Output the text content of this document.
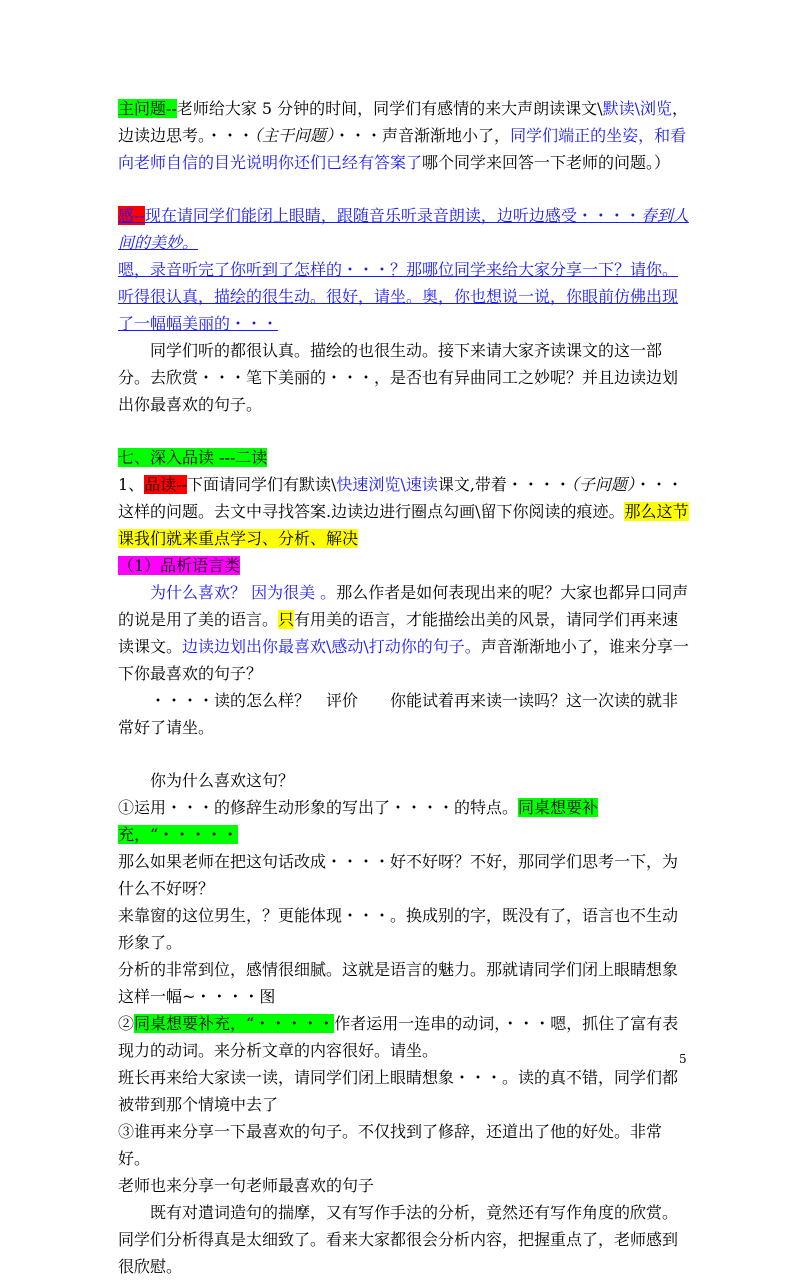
主问题--老师给大家 5 分钟的时间，同学们有感情的来大声朗读课文\默读\浏览，边读边思考。・・・（主干问题）・・・声音渐渐地小了，同学们端正的坐姿，和看向老师自信的目光说明你还们已经有答案了哪个同学来回答一下老师的问题。）

感--现在请同学们能闭上眼睛，跟随音乐听录音朗读，边听边感受・・・・春到人间的美妙。

嗯，录音听完了你听到了怎样的・・・？那哪位同学来给大家分享一下？请你。听得很认真，描绘的很生动。很好，请坐。奥，你也想说一说，你眼前仿佛出现了一幅幅美丽的・・・

同学们听的都很认真。描绘的也很生动。接下来请大家齐读课文的这一部分。去欣赏・・・笔下美丽的・・・，是否也有异曲同工之妙呢？并且边读边划出你最喜欢的句子。

七、深入品读 ---二读

1、品读--下面请同学们有默读\快速浏览\速读课文,带着・・・・（子问题）・・・这样的问题。去文中寻找答案.边读边进行圈点勾画\留下你阅读的痕迹。那么这节课我们就来重点学习、分析、解决

（1）品析语言类

为什么喜欢？ 因为很美 。那么作者是如何表现出来的呢？大家也都异口同声的说是用了美的语言。只有用美的语言，才能描绘出美的风景，请同学们再来速读课文。边读边划出你最喜欢\感动\打动你的句子。声音渐渐地小了，谁来分享一下你最喜欢的句子？

・・・・读的怎么样？　评价　　你能试着再来读一读吗？这一次读的就非常好了请坐。

你为什么喜欢这句？

①运用・・・的修辞生动形象的写出了・・・・的特点。同桌想要补充，“・・・・・

那么如果老师在把这句话改成・・・・好不好呀？不好，那同学们思考一下，为什么不好呀？

来靠窗的这位男生，？更能体现・・・。换成别的字，既没有了，语言也不生动形象了。

分析的非常到位，感情很细腻。这就是语言的魅力。那就请同学们闭上眼睛想象这样一幅~・・・・图

②同桌想要补充，“・・・・・作者运用一连串的动词，・・・嗯，抓住了富有表现力的动词。来分析文章的内容很好。请坐。

班长再来给大家读一读，请同学们闭上眼睛想象・・・。读的真不错，同学们都被带到那个情境中去了

③谁再来分享一下最喜欢的句子。不仅找到了修辞，还道出了他的好处。非常好。

老师也来分享一句老师最喜欢的句子

既有对遣词造句的揣摩，又有写作手法的分析，竟然还有写作角度的欣赏。同学们分析得真是太细致了。看来大家都很会分析内容，把握重点了，老师感到很欣慰。

5
